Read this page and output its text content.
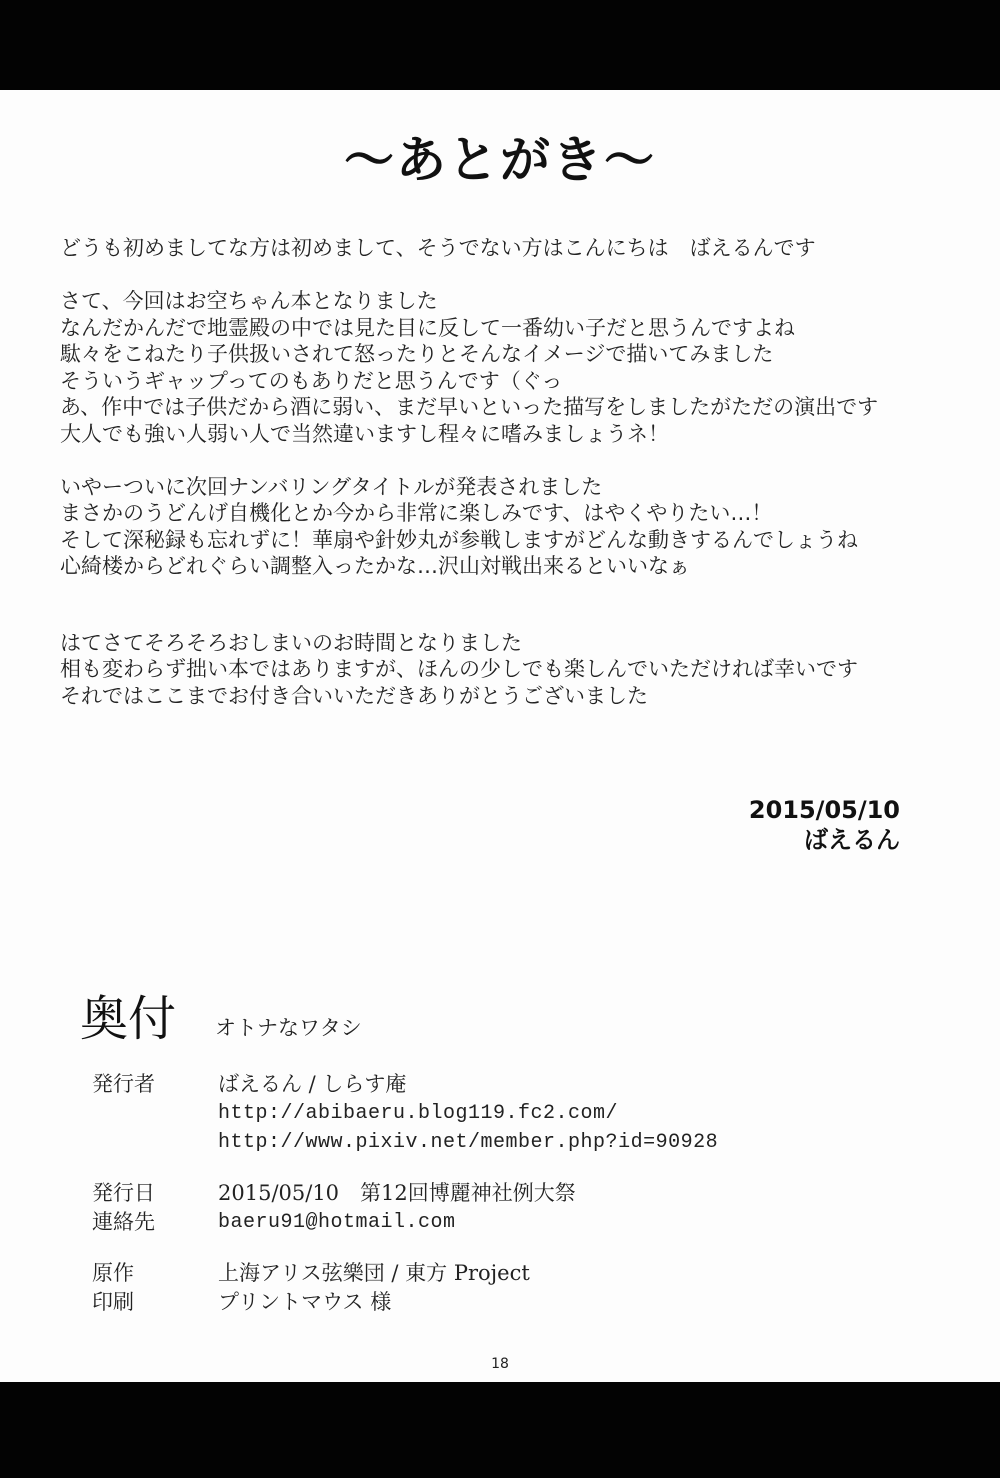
～あとがき～
どうも初めましてな方は初めまして、そうでない方はこんにちは　ばえるんです
さて、今回はお空ちゃん本となりました
なんだかんだで地霊殿の中では見た目に反して一番幼い子だと思うんですよね
駄々をこねたり子供扱いされて怒ったりとそんなイメージで描いてみました
そういうギャップってのもありだと思うんです（ぐっ
あ、作中では子供だから酒に弱い、まだ早いといった描写をしましたがただの演出です
大人でも強い人弱い人で当然違いますし程々に嗜みましょうネ！
いやーついに次回ナンバリングタイトルが発表されました
まさかのうどんげ自機化とか今から非常に楽しみです、はやくやりたい…！
そして深秘録も忘れずに！華扇や針妙丸が参戦しますがどんな動きするんでしょうね
心綺楼からどれぐらい調整入ったかな…沢山対戦出来るといいなぁ
はてさてそろそろおしまいのお時間となりました
相も変わらず拙い本ではありますが、ほんの少しでも楽しんでいただければ幸いです
それではここまでお付き合いいただきありがとうございました
2015/05/10
ばえるん
奥付 オトナなワタシ
発行者	ばえるん / しらす庵
http://abibaeru.blog119.fc2.com/
http://www.pixiv.net/member.php?id=90928
発行日	2015/05/10　第12回博麗神社例大祭
連絡先	baeru91@hotmail.com
原作	上海アリス弦樂団 / 東方 Project
印刷	プリントマウス 様
18
